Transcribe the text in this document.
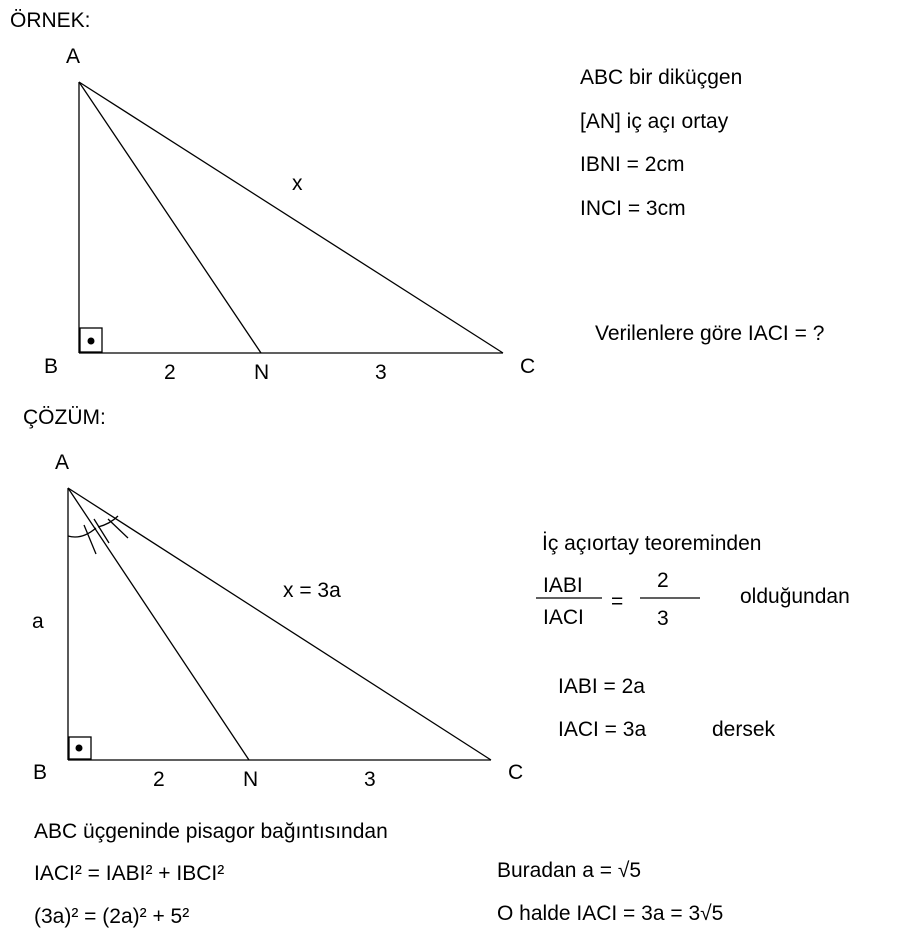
ÖRNEK:
A
x
B	2	N	3	C
ABC bir diküçgen
[AN] iç açı ortay
IBNI = 2cm
INCI = 3cm
Verilenlere göre IACI = ?
ÇÖZÜM:
A
x = 3a
a
B	2	N	3	C
İç açıortay teoreminden
IABI
IACI
=
2
3
olduğundan
IABI = 2a
IACI = 3a	dersek
ABC üçgeninde pisagor bağıntısından
IACI² = IABI² + IBCI²
(3a)² = (2a)² + 5²
Buradan a = √5
O halde IACI = 3a = 3√5
